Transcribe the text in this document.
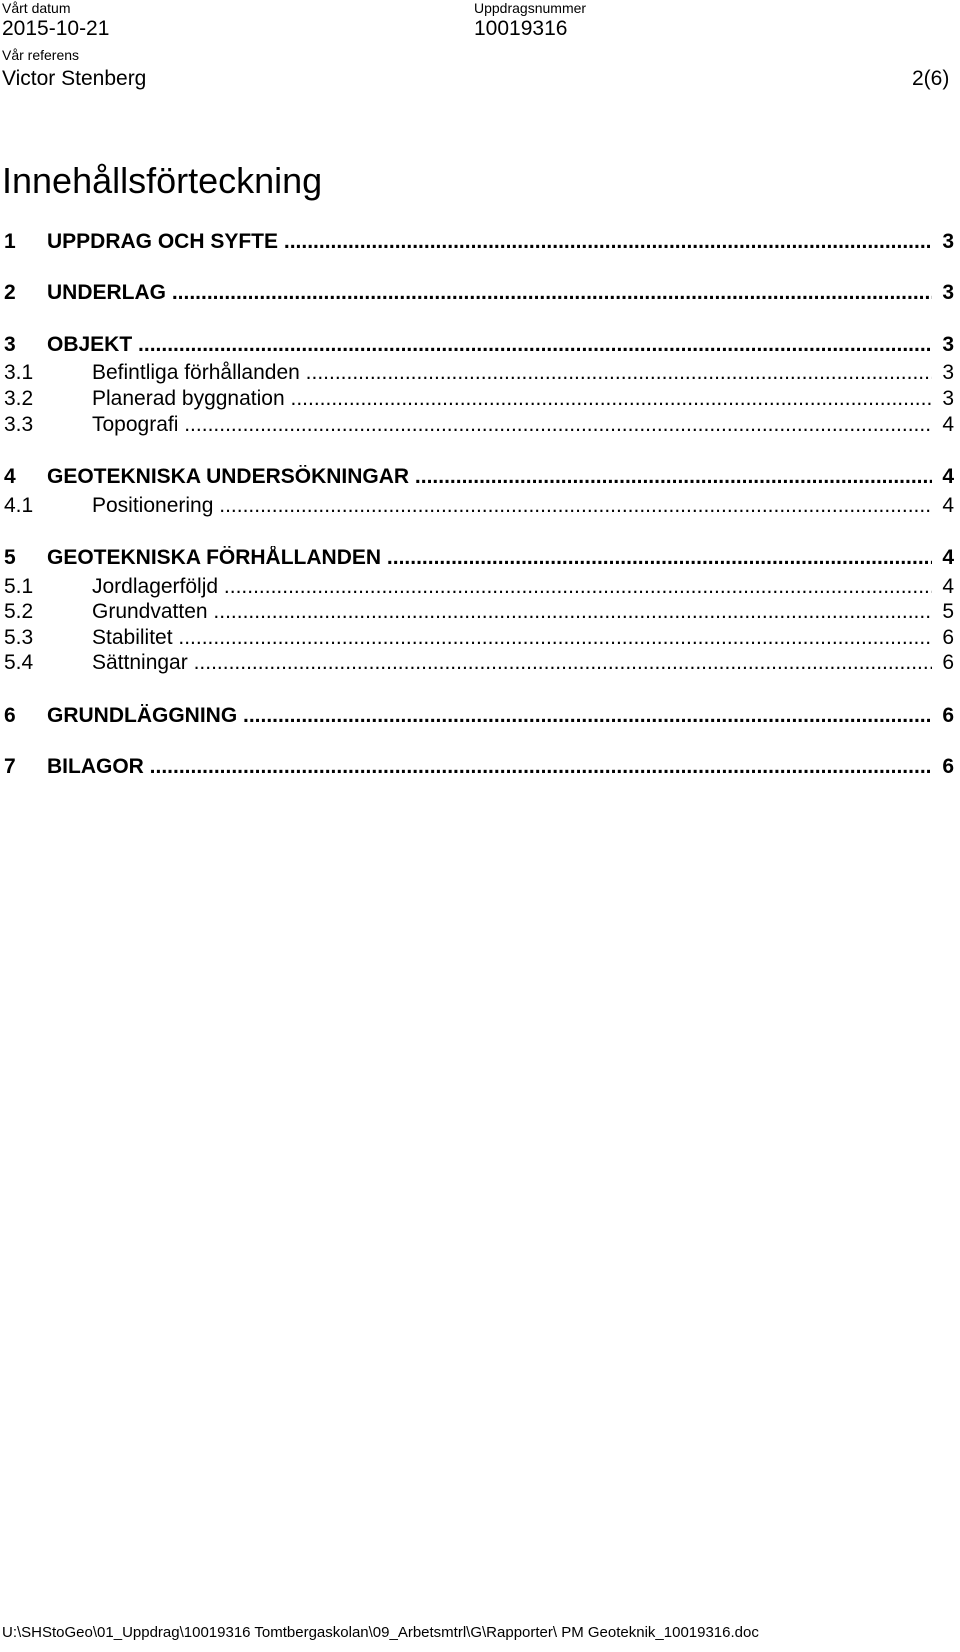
Vårt datum
2015-10-21
Uppdragsnummer
10019316
Vår referens
Victor Stenberg	2(6)
Innehållsförteckning
1 UPPDRAG OCH SYFTE .....	3
2 UNDERLAG .....	3
3 OBJEKT .....	3
3.1	Befintliga förhållanden .....	3
3.2	Planerad byggnation .....	3
3.3	Topografi .....	4
4 GEOTEKNISKA UNDERSÖKNINGAR .....	4
4.1	Positionering .....	4
5 GEOTEKNISKA FÖRHÅLLANDEN .....	4
5.1	Jordlagerföljd .....	4
5.2	Grundvatten .....	5
5.3	Stabilitet .....	6
5.4	Sättningar .....	6
6 GRUNDLÄGGNING .....	6
7 BILAGOR .....	6
U:\SHStoGeo\01_Uppdrag\10019316 Tomtbergaskolan\09_Arbetsmtrl\G\Rapporter\ PM Geoteknik_10019316.doc
